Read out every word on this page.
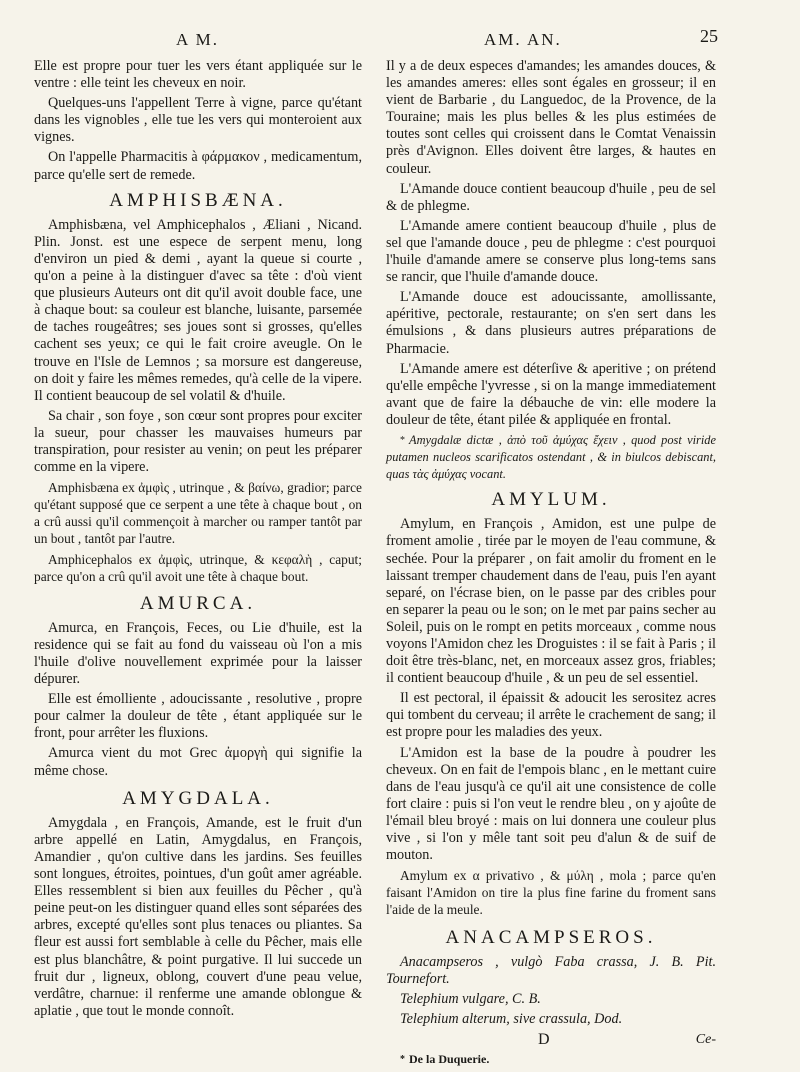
A M.	AM. AN.	25

Elle est propre pour tuer les vers étant appliquée sur le ventre : elle teint les cheveux en noir.

Quelques-uns l'appellent Terre à vigne, parce qu'étant dans les vignobles , elle tue les vers qui monteroient aux vignes.

On l'appelle Pharmacitis à φάρμακον , medicamentum, parce qu'elle sert de remede.

AMPHISBÆNA.

Amphisbæna, vel Amphicephalos , Æliani , Nicand. Plin. Jonst. est une espece de serpent menu, long d'environ un pied & demi , ayant la queue si courte , qu'on a peine à la distinguer d'avec sa tête : d'où vient que plusieurs Auteurs ont dit qu'il avoit double face, une à chaque bout: sa couleur est blanche, luisante, parsemée de taches rougeâtres; ses joues sont si grosses, qu'elles cachent ses yeux; ce qui le fait croire aveugle. On le trouve en l'Isle de Lemnos ; sa morsure est dangereuse, on doit y faire les mêmes remedes, qu'à celle de la vipere. Il contient beaucoup de sel volatil & d'huile.

Sa chair , son foye , son cœur sont propres pour exciter la sueur, pour chasser les mauvaises humeurs par transpiration, pour resister au venin; on peut les préparer comme en la vipere.

Amphisbæna ex ἀμφὶς , utrinque , & βαίνω, gradior; parce qu'étant supposé que ce serpent a une tête à chaque bout , on a crû aussi qu'il commençoit à marcher ou ramper tantôt par un bout , tantôt par l'autre.

Amphicephalos ex ἀμφὶς, utrinque, & κεφαλὴ , caput; parce qu'on a crû qu'il avoit une tête à chaque bout.

AMURCA.

Amurca, en François, Feces, ou Lie d'huile, est la residence qui se fait au fond du vaisseau où l'on a mis l'huile d'olive nouvellement exprimée pour la laisser dépurer.

Elle est émolliente , adoucissante , resolutive , propre pour calmer la douleur de tête , étant appliquée sur le front, pour arrêter les fluxions.

Amurca vient du mot Grec ἀμοργὴ qui signifie la même chose.

AMYGDALA.

Amygdala , en François, Amande, est le fruit d'un arbre appellé en Latin, Amygdalus, en François, Amandier , qu'on cultive dans les jardins. Ses feuilles sont longues, étroites, pointues, d'un goût amer agréable. Elles ressemblent si bien aux feuilles du Pêcher , qu'à peine peut-on les distinguer quand elles sont séparées des arbres, excepté qu'elles sont plus tenaces ou pliantes. Sa fleur est aussi fort semblable à celle du Pêcher, mais elle est plus blanchâtre, & point purgative. Il lui succede un fruit dur , ligneux, oblong, couvert d'une peau velue, verdâtre, charnue: il renferme une amande oblongue & aplatie , que tout le monde connoît.

Il y a de deux especes d'amandes; les amandes douces, & les amandes ameres: elles sont égales en grosseur; il en vient de Barbarie , du Languedoc, de la Provence, de la Touraine; mais les plus belles & les plus estimées de toutes sont celles qui croissent dans le Comtat Venaissin près d'Avignon. Elles doivent être larges, & hautes en couleur.

L'Amande douce contient beaucoup d'huile , peu de sel & de phlegme.

L'Amande amere contient beaucoup d'huile , plus de sel que l'amande douce , peu de phlegme : c'est pourquoi l'huile d'amande amere se conserve plus long-tems sans se rancir, que l'huile d'amande douce.

L'Amande douce est adoucissante, amollissante, apéritive, pectorale, restaurante; on s'en sert dans les émulsions , & dans plusieurs autres préparations de Pharmacie.

L'Amande amere est déterſive & aperitive ; on prétend qu'elle empêche l'yvresse , si on la mange immediatement avant que de faire la débauche de vin: elle modere la douleur de tête, étant pilée & appliquée en frontal.

* Amygdalæ dictæ , ἀπὸ τοῦ ἀμύχας ἔχειν , quod post viride putamen nucleos scarificatos ostendant , & in biulcos debiscant, quas τὰς ἀμύχας vocant.

AMYLUM.

Amylum, en François , Amidon, est une pulpe de froment amolie , tirée par le moyen de l'eau commune, & sechée. Pour la préparer , on fait amolir du froment en le laissant tremper chaudement dans de l'eau, puis l'en ayant separé, on l'écrase bien, on le passe par des cribles pour en separer la peau ou le son; on le met par pains secher au Soleil, puis on le rompt en petits morceaux , comme nous voyons l'Amidon chez les Droguistes : il se fait à Paris ; il doit être très-blanc, net, en morceaux assez gros, friables; il contient beaucoup d'huile , & un peu de sel essentiel.

Il est pectoral, il épaissit & adoucit les serositez acres qui tombent du cerveau; il arrête le crachement de sang; il est propre pour les maladies des yeux.

L'Amidon est la base de la poudre à poudrer les cheveux. On en fait de l'empois blanc , en le mettant cuire dans de l'eau jusqu'à ce qu'il ait une consistence de colle fort claire : puis si l'on veut le rendre bleu , on y ajoûte de l'émail bleu broyé : mais on lui donnera une couleur plus vive , si l'on y mêle tant soit peu d'alun & de suif de mouton.

Amylum ex α privativo , & μύλη , mola ; parce qu'en faisant l'Amidon on tire la plus fine farine du froment sans l'aide de la meule.

ANACAMPSEROS.

Anacampseros , vulgò Faba crassa, J. B. Pit. Tournefort.

Telephium vulgare, C. B.

Telephium alterum, sive crassula, Dod.

D	Ce-

* De la Duquerie.
